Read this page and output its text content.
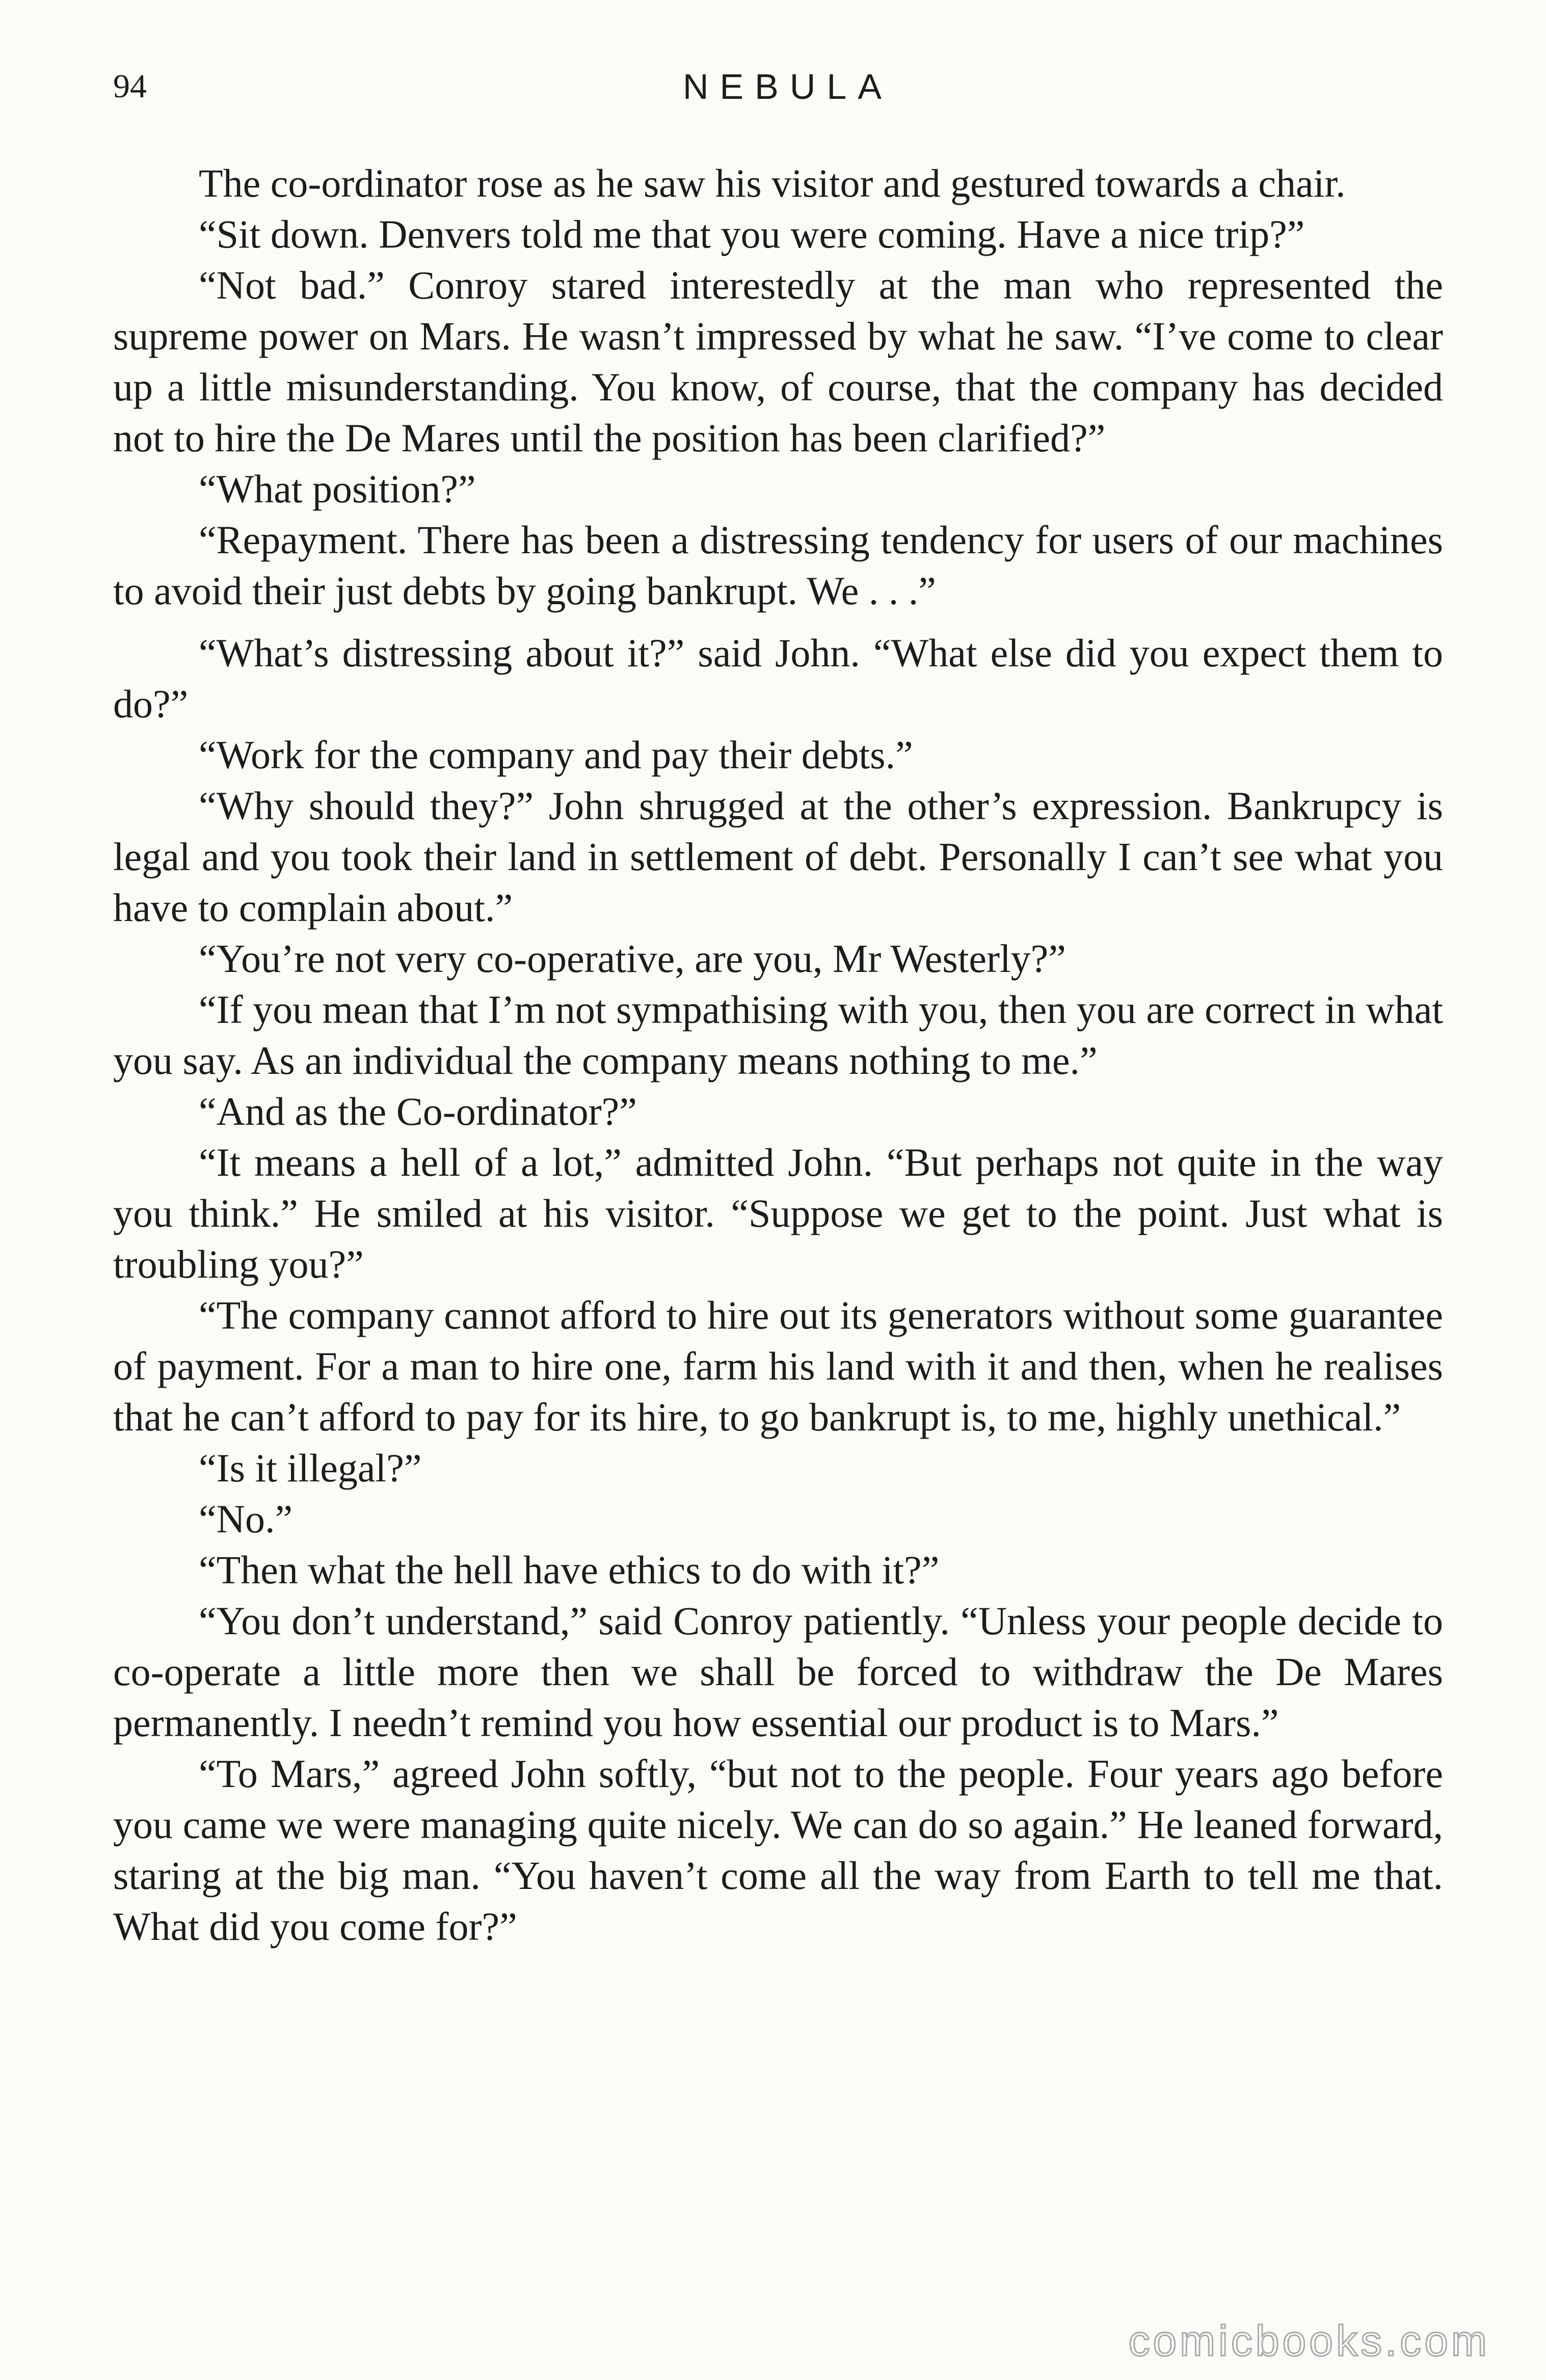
94	NEBULA

The co-ordinator rose as he saw his visitor and gestured towards a chair.

“Sit down. Denvers told me that you were coming. Have a nice trip?”

“Not bad.” Conroy stared interestedly at the man who represented the supreme power on Mars. He wasn’t impressed by what he saw. “I’ve come to clear up a little misunderstanding. You know, of course, that the company has decided not to hire the De Mares until the position has been clarified?”

“What position?”

“Repayment. There has been a distressing tendency for users of our machines to avoid their just debts by going bankrupt. We . . .”

“What’s distressing about it?” said John. “What else did you expect them to do?”

“Work for the company and pay their debts.”

“Why should they?” John shrugged at the other’s expression. Bankrupcy is legal and you took their land in settlement of debt. Personally I can’t see what you have to complain about.”

“You’re not very co-operative, are you, Mr Westerly?”

“If you mean that I’m not sympathising with you, then you are correct in what you say. As an individual the company means nothing to me.”

“And as the Co-ordinator?”

“It means a hell of a lot,” admitted John. “But perhaps not quite in the way you think.” He smiled at his visitor. “Suppose we get to the point. Just what is troubling you?”

“The company cannot afford to hire out its generators without some guarantee of payment. For a man to hire one, farm his land with it and then, when he realises that he can’t afford to pay for its hire, to go bankrupt is, to me, highly unethical.”

“Is it illegal?”

“No.”

“Then what the hell have ethics to do with it?”

“You don’t understand,” said Conroy patiently. “Unless your people decide to co-operate a little more then we shall be forced to withdraw the De Mares permanently. I needn’t remind you how essential our product is to Mars.”

“To Mars,” agreed John softly, “but not to the people. Four years ago before you came we were managing quite nicely. We can do so again.” He leaned forward, staring at the big man. “You haven’t come all the way from Earth to tell me that. What did you come for?”

comicbooks.com
